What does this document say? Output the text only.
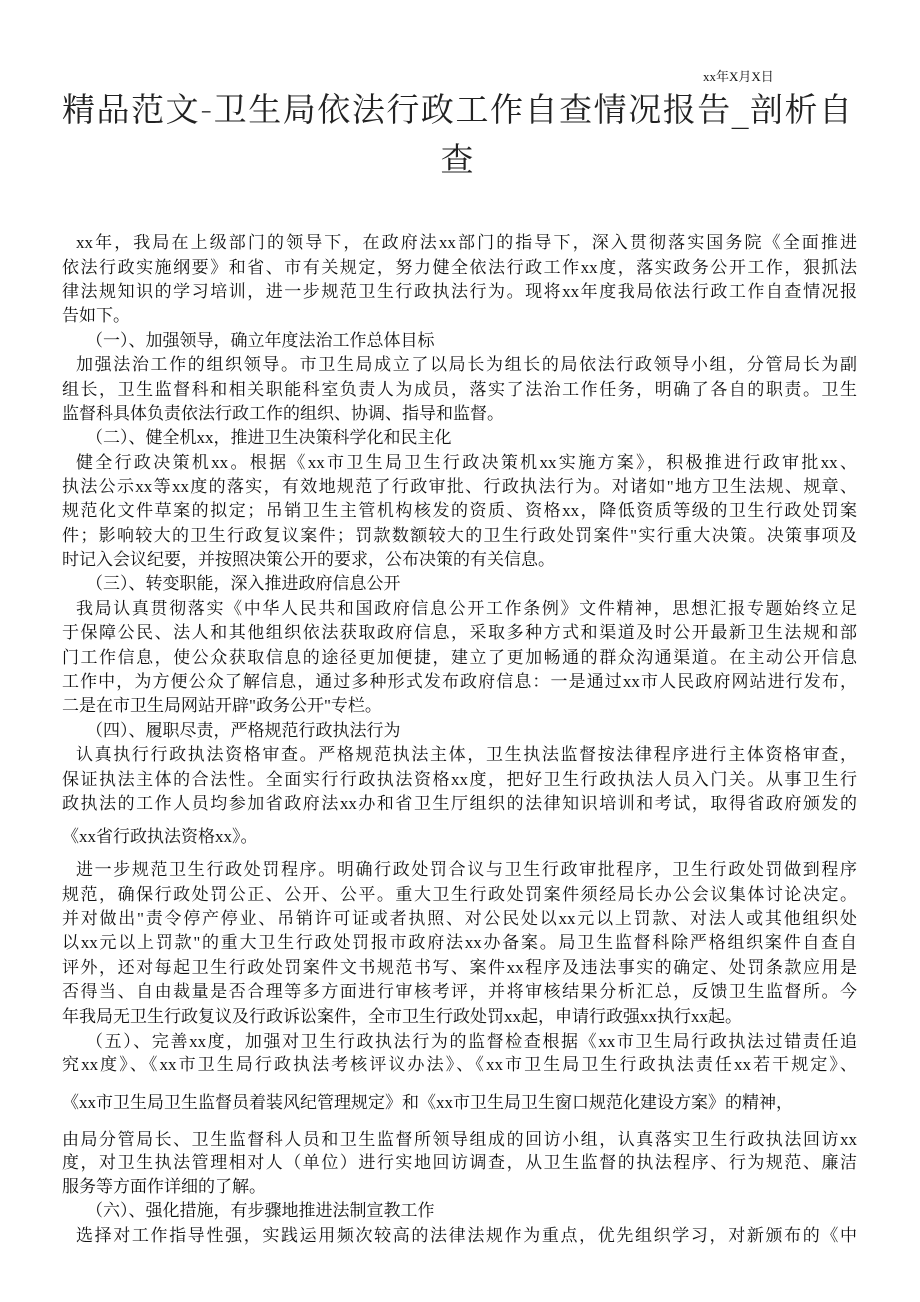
xx年X月X日
精品范文-卫生局依法行政工作自查情况报告_剖析自
查
xx年，我局在上级部门的领导下，在政府法xx部门的指导下，深入贯彻落实国务院《全面推进
依法行政实施纲要》和省、市有关规定，努力健全依法行政工作xx度，落实政务公开工作，狠抓法
律法规知识的学习培训，进一步规范卫生行政执法行为。现将xx年度我局依法行政工作自查情况报
告如下。
（一）、加强领导，确立年度法治工作总体目标
加强法治工作的组织领导。市卫生局成立了以局长为组长的局依法行政领导小组，分管局长为副
组长，卫生监督科和相关职能科室负责人为成员，落实了法治工作任务，明确了各自的职责。卫生
监督科具体负责依法行政工作的组织、协调、指导和监督。
（二）、健全机xx，推进卫生决策科学化和民主化
健全行政决策机xx。根据《xx市卫生局卫生行政决策机xx实施方案》，积极推进行政审批xx、
执法公示xx等xx度的落实，有效地规范了行政审批、行政执法行为。对诸如"地方卫生法规、规章、
规范化文件草案的拟定；吊销卫生主管机构核发的资质、资格xx，降低资质等级的卫生行政处罚案
件；影响较大的卫生行政复议案件；罚款数额较大的卫生行政处罚案件"实行重大决策。决策事项及
时记入会议纪要，并按照决策公开的要求，公布决策的有关信息。
（三）、转变职能，深入推进政府信息公开
我局认真贯彻落实《中华人民共和国政府信息公开工作条例》文件精神，思想汇报专题始终立足
于保障公民、法人和其他组织依法获取政府信息，采取多种方式和渠道及时公开最新卫生法规和部
门工作信息，使公众获取信息的途径更加便捷，建立了更加畅通的群众沟通渠道。在主动公开信息
工作中，为方便公众了解信息，通过多种形式发布政府信息：一是通过xx市人民政府网站进行发布，
二是在市卫生局网站开辟"政务公开"专栏。
（四）、履职尽责，严格规范行政执法行为
认真执行行政执法资格审查。严格规范执法主体，卫生执法监督按法律程序进行主体资格审查，
保证执法主体的合法性。全面实行行政执法资格xx度，把好卫生行政执法人员入门关。从事卫生行
政执法的工作人员均参加省政府法xx办和省卫生厅组织的法律知识培训和考试，取得省政府颁发的
《xx省行政执法资格xx》。
进一步规范卫生行政处罚程序。明确行政处罚合议与卫生行政审批程序，卫生行政处罚做到程序
规范，确保行政处罚公正、公开、公平。重大卫生行政处罚案件须经局长办公会议集体讨论决定。
并对做出"责令停产停业、吊销许可证或者执照、对公民处以xx元以上罚款、对法人或其他组织处
以xx元以上罚款"的重大卫生行政处罚报市政府法xx办备案。局卫生监督科除严格组织案件自查自
评外，还对每起卫生行政处罚案件文书规范书写、案件xx程序及违法事实的确定、处罚条款应用是
否得当、自由裁量是否合理等多方面进行审核考评，并将审核结果分析汇总，反馈卫生监督所。今
年我局无卫生行政复议及行政诉讼案件，全市卫生行政处罚xx起，申请行政强xx执行xx起。
（五）、完善xx度，加强对卫生行政执法行为的监督检查根据《xx市卫生局行政执法过错责任追
究xx度》、《xx市卫生局行政执法考核评议办法》、《xx市卫生局卫生行政执法责任xx若干规定》、
《xx市卫生局卫生监督员着装风纪管理规定》和《xx市卫生局卫生窗口规范化建设方案》的精神，
由局分管局长、卫生监督科人员和卫生监督所领导组成的回访小组，认真落实卫生行政执法回访xx
度，对卫生执法管理相对人（单位）进行实地回访调查，从卫生监督的执法程序、行为规范、廉洁
服务等方面作详细的了解。
（六）、强化措施，有步骤地推进法制宣教工作
选择对工作指导性强，实践运用频次较高的法律法规作为重点，优先组织学习，对新颁布的《中
